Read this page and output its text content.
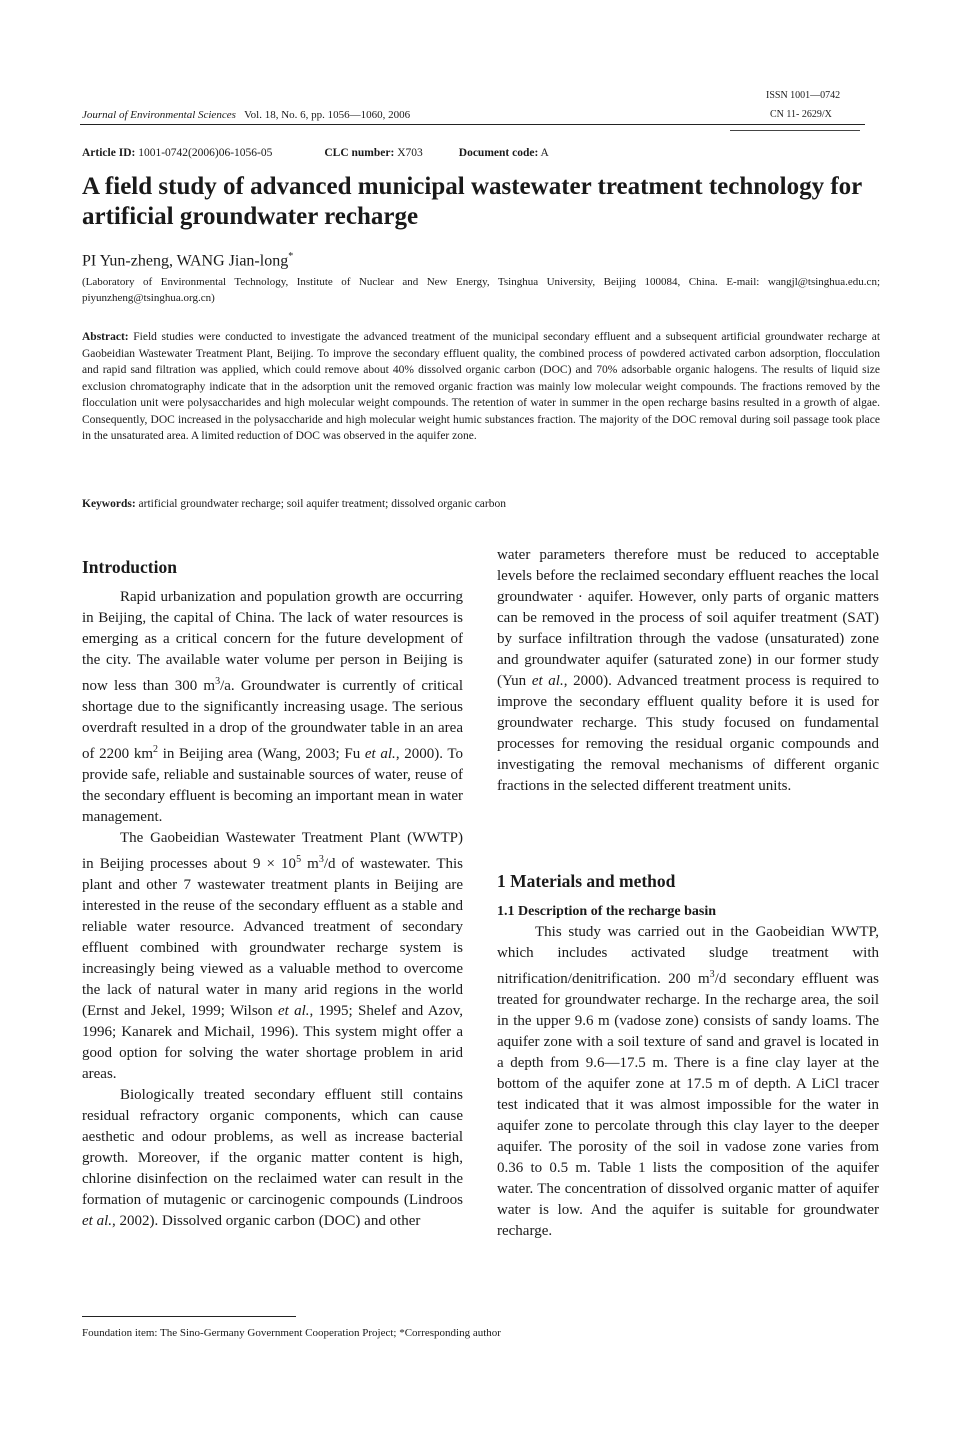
ISSN 1001—0742
CN 11- 2629/X
Journal of Environmental Sciences Vol. 18, No. 6, pp. 1056—1060, 2006
Article ID: 1001-0742(2006)06-1056-05	CLC number: X703	Document code: A
A field study of advanced municipal wastewater treatment technology for artificial groundwater recharge
PI Yun-zheng, WANG Jian-long*
(Laboratory of Environmental Technology, Institute of Nuclear and New Energy, Tsinghua University, Beijing 100084, China. E-mail: wangjl@tsinghua.edu.cn; piyunzheng@tsinghua.org.cn)
Abstract: Field studies were conducted to investigate the advanced treatment of the municipal secondary effluent and a subsequent artificial groundwater recharge at Gaobeidian Wastewater Treatment Plant, Beijing. To improve the secondary effluent quality, the combined process of powdered activated carbon adsorption, flocculation and rapid sand filtration was applied, which could remove about 40% dissolved organic carbon (DOC) and 70% adsorbable organic halogens. The results of liquid size exclusion chromatography indicate that in the adsorption unit the removed organic fraction was mainly low molecular weight compounds. The fractions removed by the flocculation unit were polysaccharides and high molecular weight compounds. The retention of water in summer in the open recharge basins resulted in a growth of algae. Consequently, DOC increased in the polysaccharide and high molecular weight humic substances fraction. The majority of the DOC removal during soil passage took place in the unsaturated area. A limited reduction of DOC was observed in the aquifer zone.
Keywords: artificial groundwater recharge; soil aquifer treatment; dissolved organic carbon
Introduction

Rapid urbanization and population growth are occurring in Beijing, the capital of China. The lack of water resources is emerging as a critical concern for the future development of the city. The available water volume per person in Beijing is now less than 300 $m^3/a$. Groundwater is currently of critical shortage due to the significantly increasing usage. The serious overdraft resulted in a drop of the groundwater table in an area of 2200 $km^2$ in Beijing area (Wang, 2003; Fu et al., 2000). To provide safe, reliable and sustainable sources of water, reuse of the secondary effluent is becoming an important mean in water management.

The Gaobeidian Wastewater Treatment Plant (WWTP) in Beijing processes about $9 \times 10^5$ $m^3/d$ of wastewater. This plant and other 7 wastewater treatment plants in Beijing are interested in the reuse of the secondary effluent as a stable and reliable water resource. Advanced treatment of secondary effluent combined with groundwater recharge system is increasingly being viewed as a valuable method to overcome the lack of natural water in many arid regions in the world (Ernst and Jekel, 1999; Wilson et al., 1995; Shelef and Azov, 1996; Kanarek and Michail, 1996). This system might offer a good option for solving the water shortage problem in arid areas.

Biologically treated secondary effluent still contains residual refractory organic components, which can cause aesthetic and odour problems, as well as increase bacterial growth. Moreover, if the organic matter content is high, chlorine disinfection on the reclaimed water can result in the formation of mutagenic or carcinogenic compounds (Lindroos et al., 2002). Dissolved organic carbon (DOC) and other

water parameters therefore must be reduced to acceptable levels before the reclaimed secondary effluent reaches the local groundwater · aquifer. However, only parts of organic matters can be removed in the process of soil aquifer treatment (SAT) by surface infiltration through the vadose (unsaturated) zone and groundwater aquifer (saturated zone) in our former study (Yun et al., 2000). Advanced treatment process is required to improve the secondary effluent quality before it is used for groundwater recharge. This study focused on fundamental processes for removing the residual organic compounds and investigating the removal mechanisms of different organic fractions in the selected different treatment units.

1 Materials and method
1.1 Description of the recharge basin

This study was carried out in the Gaobeidian WWTP, which includes activated sludge treatment with nitrification/denitrification. 200 $m^3/d$ secondary effluent was treated for groundwater recharge. In the recharge area, the soil in the upper 9.6 m (vadose zone) consists of sandy loams. The aquifer zone with a soil texture of sand and gravel is located in a depth from 9.6—17.5 m. There is a fine clay layer at the bottom of the aquifer zone at 17.5 m of depth. A LiCl tracer test indicated that it was almost impossible for the water in aquifer zone to percolate through this clay layer to the deeper aquifer. The porosity of the soil in vadose zone varies from 0.36 to 0.5 m. Table 1 lists the composition of the aquifer water. The concentration of dissolved organic matter of aquifer water is low. And the aquifer is suitable for groundwater recharge.

Foundation item: The Sino-Germany Government Cooperation Project; *Corresponding author
